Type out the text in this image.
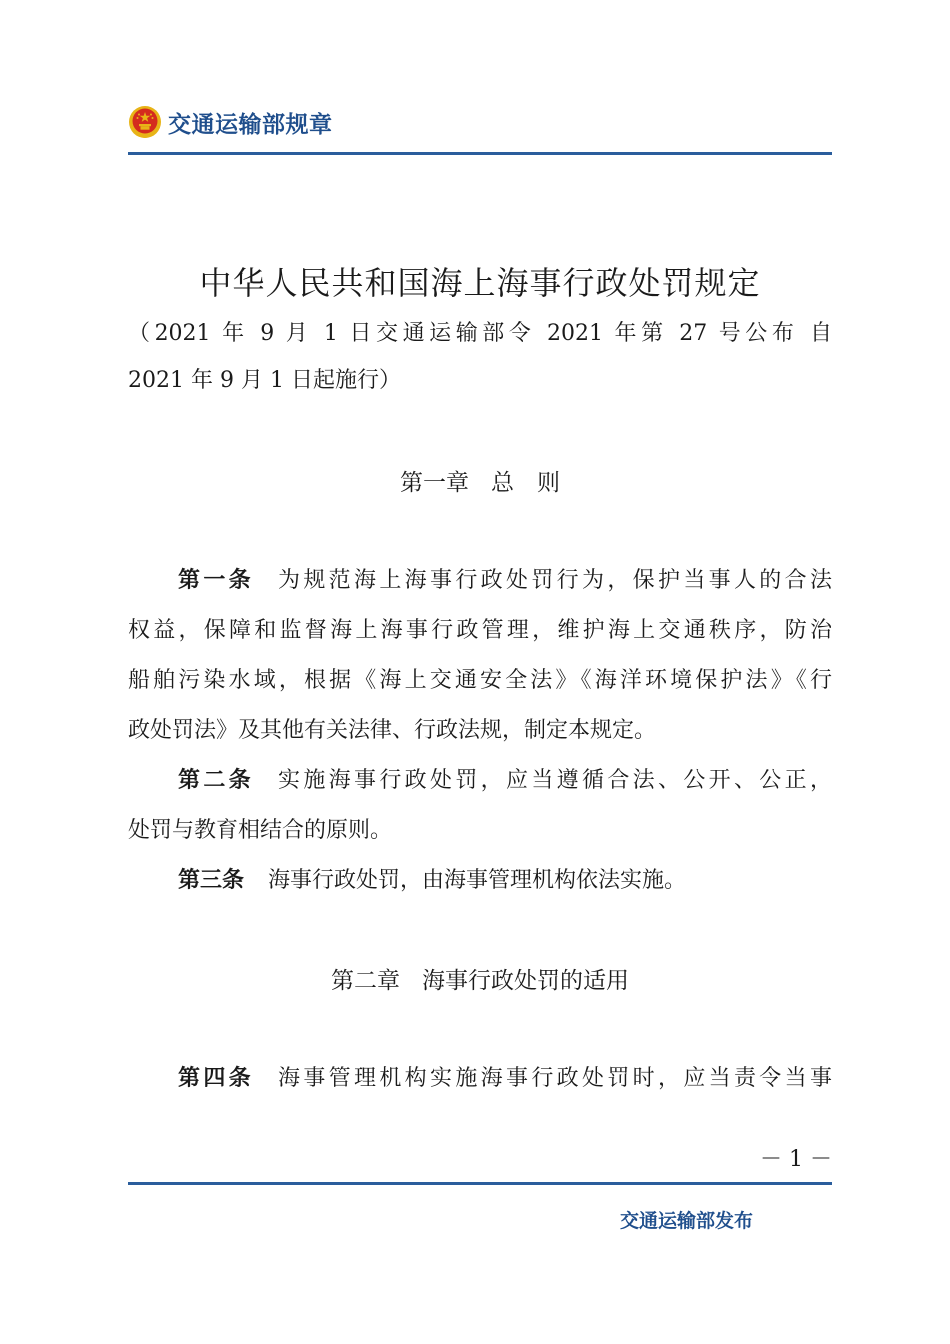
交通运输部规章
中华人民共和国海上海事行政处罚规定
（2021 年 9 月 1 日交通运输部令 2021 年第 27 号公布 自
2021 年 9 月 1 日起施行）
第一章 总　则
第一条 为规范海上海事行政处罚行为，保护当事人的合法
权益，保障和监督海上海事行政管理，维护海上交通秩序，防治
船舶污染水域，根据《海上交通安全法》《海洋环境保护法》《行
政处罚法》及其他有关法律、行政法规，制定本规定。
第二条 实施海事行政处罚，应当遵循合法、公开、公正，
处罚与教育相结合的原则。
第三条 海事行政处罚，由海事管理机构依法实施。
第二章 海事行政处罚的适用
第四条 海事管理机构实施海事行政处罚时，应当责令当事
－ 1 －
交通运输部发布
